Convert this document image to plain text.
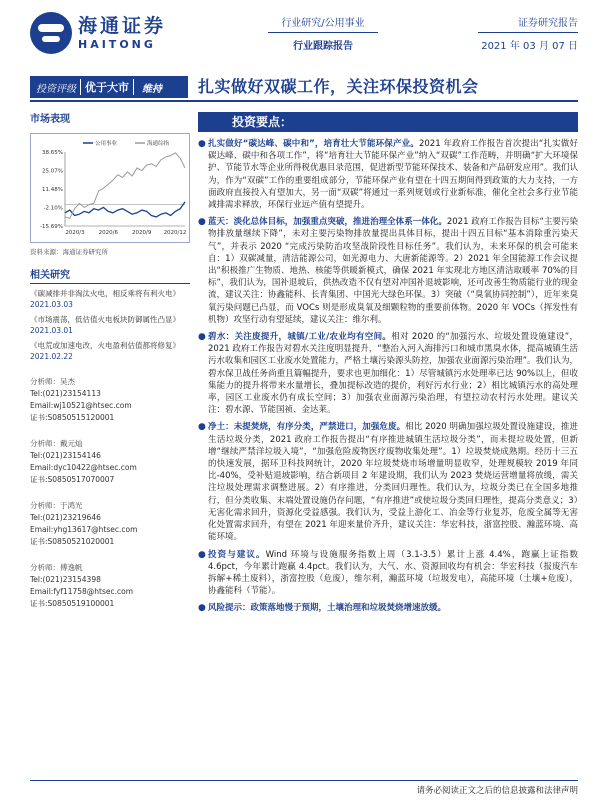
海通证券
HAITONG
行业研究/公用事业
行业跟踪报告
证券研究报告
2021 年 03 月 07 日
投资评级 优于大市	维持 扎实做好双碳工作，关注环保投资机会
市场表现
公用事业	海通综指
38.65%
25.07%
11.48%
-2.10%
-15.69%
2020/3	2020/6	2020/9 2020/12
资料来源：海通证券研究所
相关研究
《碳减排并非淘汰火电，相反乘将有利火电》
2021.03.03
《市场震荡，低估值火电板块防御属性凸显》
2021.03.01
《电荒或加速电改，火电盈利估值都将修复》
2021.02.22
分析师：吴杰
Tel:(021)23154113
Email:wj10521@htsec.com
证书:S0850515120001
分析师：戴元灿
Tel:(021)23154146
Email:dyc10422@htsec.com
证书:S0850517070007
分析师：于鸿光
Tel:(021)23219646
Email:yhg13617@htsec.com
证书:S0850521020001
分析师：傅逸帆
Tel:(021)23154398
Email:fyf11758@htsec.com
证书:S0850519100001
投资要点：
● 扎实做好“碳达峰、碳中和”，培育壮大节能环保产业。2021 年政府工作报告首次提出“扎实做好碳达峰、碳中和各项工作”，将“培育壮大节能环保产业”纳入“双碳”工作范畴，并明确“扩大环境保护、节能节水等企业所得税优惠目录范围，促进新型节能环保技术、装备和产品研发应用”。我们认为，作为“双碳”工作的重要组成部分，节能环保产业有望在十四五期间得到政策的大力支持，一方面政府直接投入有望加大，另一面“双碳”将通过一系列规划或行业新标准，催化全社会多行业节能减排需求释放，环保行业远产值有望提升。

● 蓝天：淡化总体目标，加强重点突破，推进治理全体系一体化。2021 政府工作报告目标“主要污染物排放量继续下降”，未对主要污染物排放量提出具体目标，提出十四五目标“基本消除重污染天气”，并表示 2020 “完成污染防治攻坚战阶段性目标任务”。我们认为，未来环保的机会可能来自：1）双碳减量，清洁能源公司，如光源电力、大唐新能源等。2）2021 年全国能源工作会议提出“积极推广生物质、地热、核能等供暖新模式，确保 2021 年实现北方地区清洁取暖率 70%的目标”，我们认为，国补退坡后，供热改造不仅有望对冲国补退坡影响，还可改善生物质能行业的现金流，建议关注：协鑫能科、长青集团、中国光大绿色环保。3）突破（“臭氧协同控制”），近年来臭氧污染问题已凸显，而 VOCs 则是形成臭氧及细颗粒物的重要前体物。2020 年 VOCs（挥发性有机物）攻坚行动有望延续，建议关注：维尔利。

● 碧水：关注废提升，城镇/工业/农业均有空间。相对 2020 的“加强污水、垃圾处置设施建设”，2021 政府工作报告对碧水关注度明显提升，“整治入河入海排污口和城市黑臭水体，提高城镇生活污水收集和园区工业废水处置能力，严格土壤污染源头防控，加强农业面源污染治理”。我们认为，碧水保卫战任务尚重且篇幅提升，要求也更加细化：1）尽管城镇污水处理率已达 90%以上，但收集能力的提升将带来水量增长，叠加提标改造的提价，利好污水行业；2）相比城镇污水的高处理率，园区工业废水仍有成长空间；3）加强农业面源污染治理，有望拉动农村污水处理。建议关注：碧水源、节能国祯、金达莱。

● 净土：未提焚烧，有序分类，严禁进口，加强危废。相比 2020 明确加强垃圾处置设施建设，推进生活垃圾分类，2021 政府工作报告提出“有序推进城镇生活垃圾分类”，而未提垃圾处置，但新增“继续严禁洋垃圾入境”，“加强危险废物医疗废物收集处理”。1）垃圾焚烧成熟期。经历十三五的快速发展，据环卫科技网统计，2020 年垃圾焚烧市场增量明显收窄，处理规模较 2019 年同比-40%，受补贴退坡影响，结合新项目 2 年建设期，我们认为 2023 焚烧运营增量将放缓，需关注垃圾处理需求调整进展。2）有序推进，分类回归理性。我们认为，垃圾分类已在全国多地推行，但分类收集、末端处置设施仍存问题，“有序推进”或使垃圾分类回归理性，提高分类意义；3）无害化需求回升，资源化受益感强。我们认为，受益上游化工、冶金等行业复苏，危废全属等无害化处置需求回升，有望在 2021 年迎来量价齐升，建议关注：华宏科技，浙富控股、瀚蓝环境、高能环境。

● 投资与建议。Wind 环境与设施服务指数上周（3.1-3.5）累计上涨 4.4%，跑赢上证指数 4.6pct，今年累计跑赢 4.4pct。我们认为，大气、水、资源回收均有机会：华宏科技（报废汽车拆解+稀土废料），浙富控股（危废），维尔利，瀚蓝环境（垃圾发电），高能环境（土壤+危废），协鑫能科（节能）。

● 风险提示：政策落地慢于预期，土壤治理和垃圾焚烧增速放缓。

请务必阅读正文之后的信息披露和法律声明
